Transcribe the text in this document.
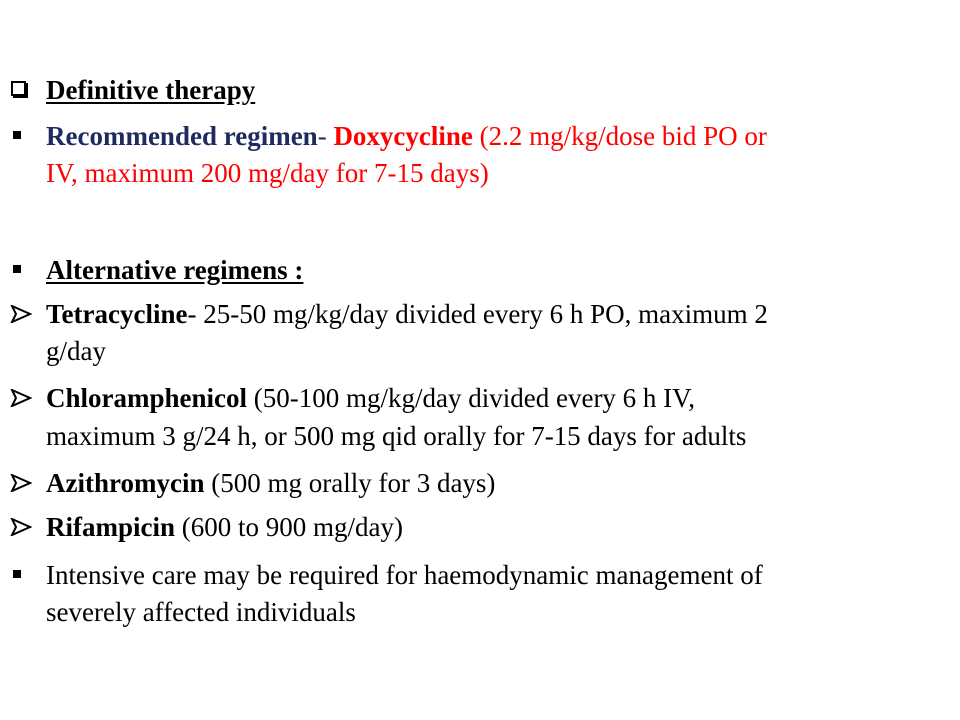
Definitive therapy
Recommended regimen- Doxycycline (2.2 mg/kg/dose bid PO or
IV, maximum 200 mg/day for 7-15 days)
Alternative regimens :
Tetracycline- 25-50 mg/kg/day divided every 6 h PO, maximum 2
g/day
Chloramphenicol (50-100 mg/kg/day divided every 6 h IV,
maximum 3 g/24 h, or 500 mg qid orally for 7-15 days for adults
Azithromycin (500 mg orally for 3 days)
Rifampicin (600 to 900 mg/day)
Intensive care may be required for haemodynamic management of
severely affected individuals
